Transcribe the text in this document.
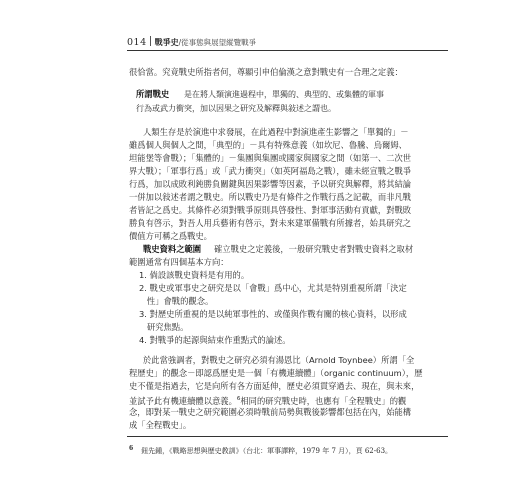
014 戰爭史/從事態與展望縱覽戰爭
很恰當。究竟戰史所指者何，尊顯引申伯倫漢之意對戰史有一合理之定義：
所謂戰史 是在將人類演進過程中，單獨的、典型的、或集體的軍事
行為或武力衝突，加以因果之研究及解釋與敍述之謂也。
人類生存是於演進中求發展，在此過程中對演進產生影響之「單獨的」－
雖爲個人與個人之間，「典型的」－具有特殊意義（如坎尼、魯騰、烏爾姆、
坦能堡等會戰）；「集體的」－集團與集團或國家與國家之間（如第一、二次世
界大戰）；「軍事行爲」或「武力衝突」（如英阿福島之戰），雖未經宣戰之戰爭
行爲，加以成敗利鈍勝負關鍵與因果影響等因素，予以研究與解釋，將其結論
一併加以敍述者謂之戰史。所以戰史乃是有條件之作戰行爲之記載，而非凡戰
者皆記之爲史。其條件必須對戰爭原則具啓發性、對軍事活動有貢獻，對戰敗
勝負有啓示，對吾人用兵藝術有啓示，對未來建軍備戰有所據者，始具研究之
價值方可稱之爲戰史。
戰史資料之範圍 確立戰史之定義後，一般研究戰史者對戰史資料之取材
範圍通常有四個基本方向：
1. 倘設該戰史資料是有用的。
2. 戰史或軍事史之研究是以「會戰」爲中心，尤其是特別重視所謂「決定
性」會戰的觀念。
3. 對歷史所重視的是以純軍事性的、或僅與作戰有關的核心資料，以形成
研究焦點。
4. 對戰爭的起源與結束作重點式的論述。
於此當強調者，對戰史之研究必須有湯恩比（Arnold Toynbee）所謂「全
程歷史」的觀念－即認爲歷史是一個「有機連續體」（organic continuum），歷
史不僅是指過去，它是向所有各方面延伸，歷史必須貫穿過去、現在，與未來，
並試予此有機連續體以意義。$^6$相同的研究戰史時，也應有「全程戰史」的觀
念，即對某一戰史之研究範圍必須時戰前局勢與戰後影響都包括在內，始能構
成「全程戰史」。
6 鈕先鍾，《戰略思想與歷史教訓》（台北：軍事譯粹，1979 年 7 月），頁 62-63。
